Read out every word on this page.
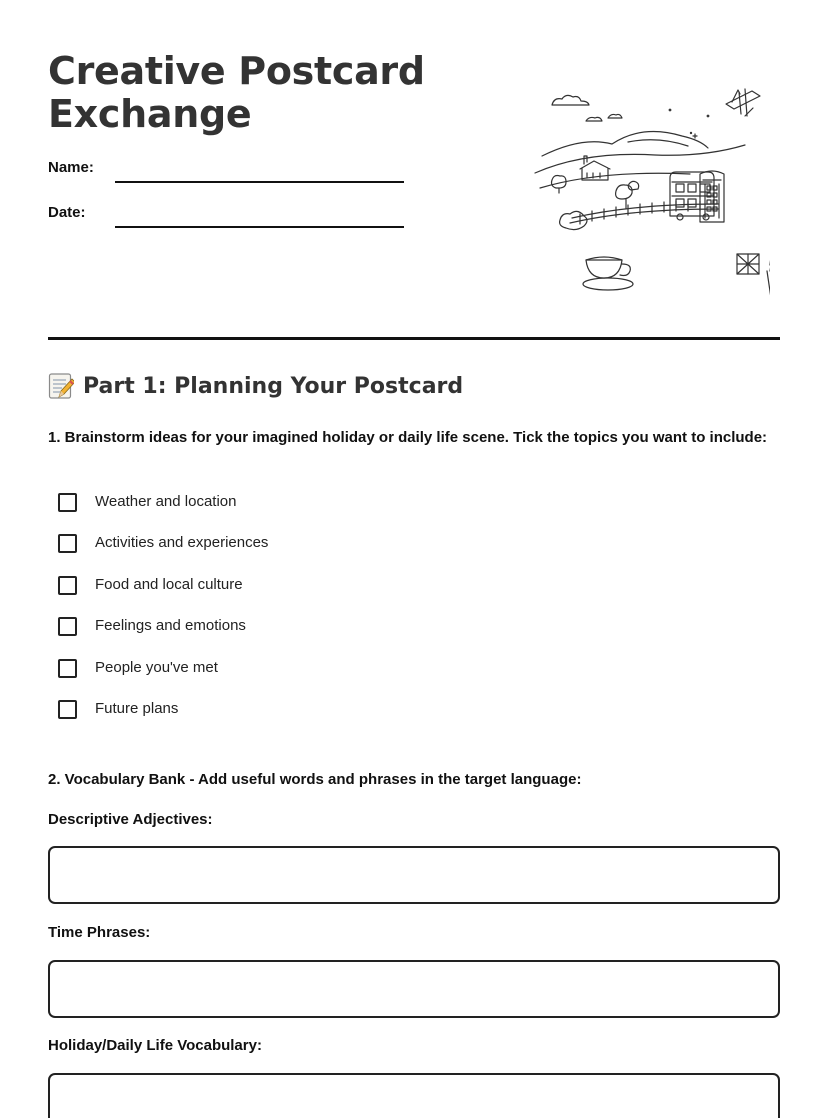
Creative Postcard
Exchange
Name:
Date:
Part 1: Planning Your Postcard

1. Brainstorm ideas for your imagined holiday or daily life scene. Tick the topics you want to include:

Weather and location
Activities and experiences
Food and local culture
Feelings and emotions
People you've met
Future plans

2. Vocabulary Bank - Add useful words and phrases in the target language:

Descriptive Adjectives:

Time Phrases:

Holiday/Daily Life Vocabulary:
